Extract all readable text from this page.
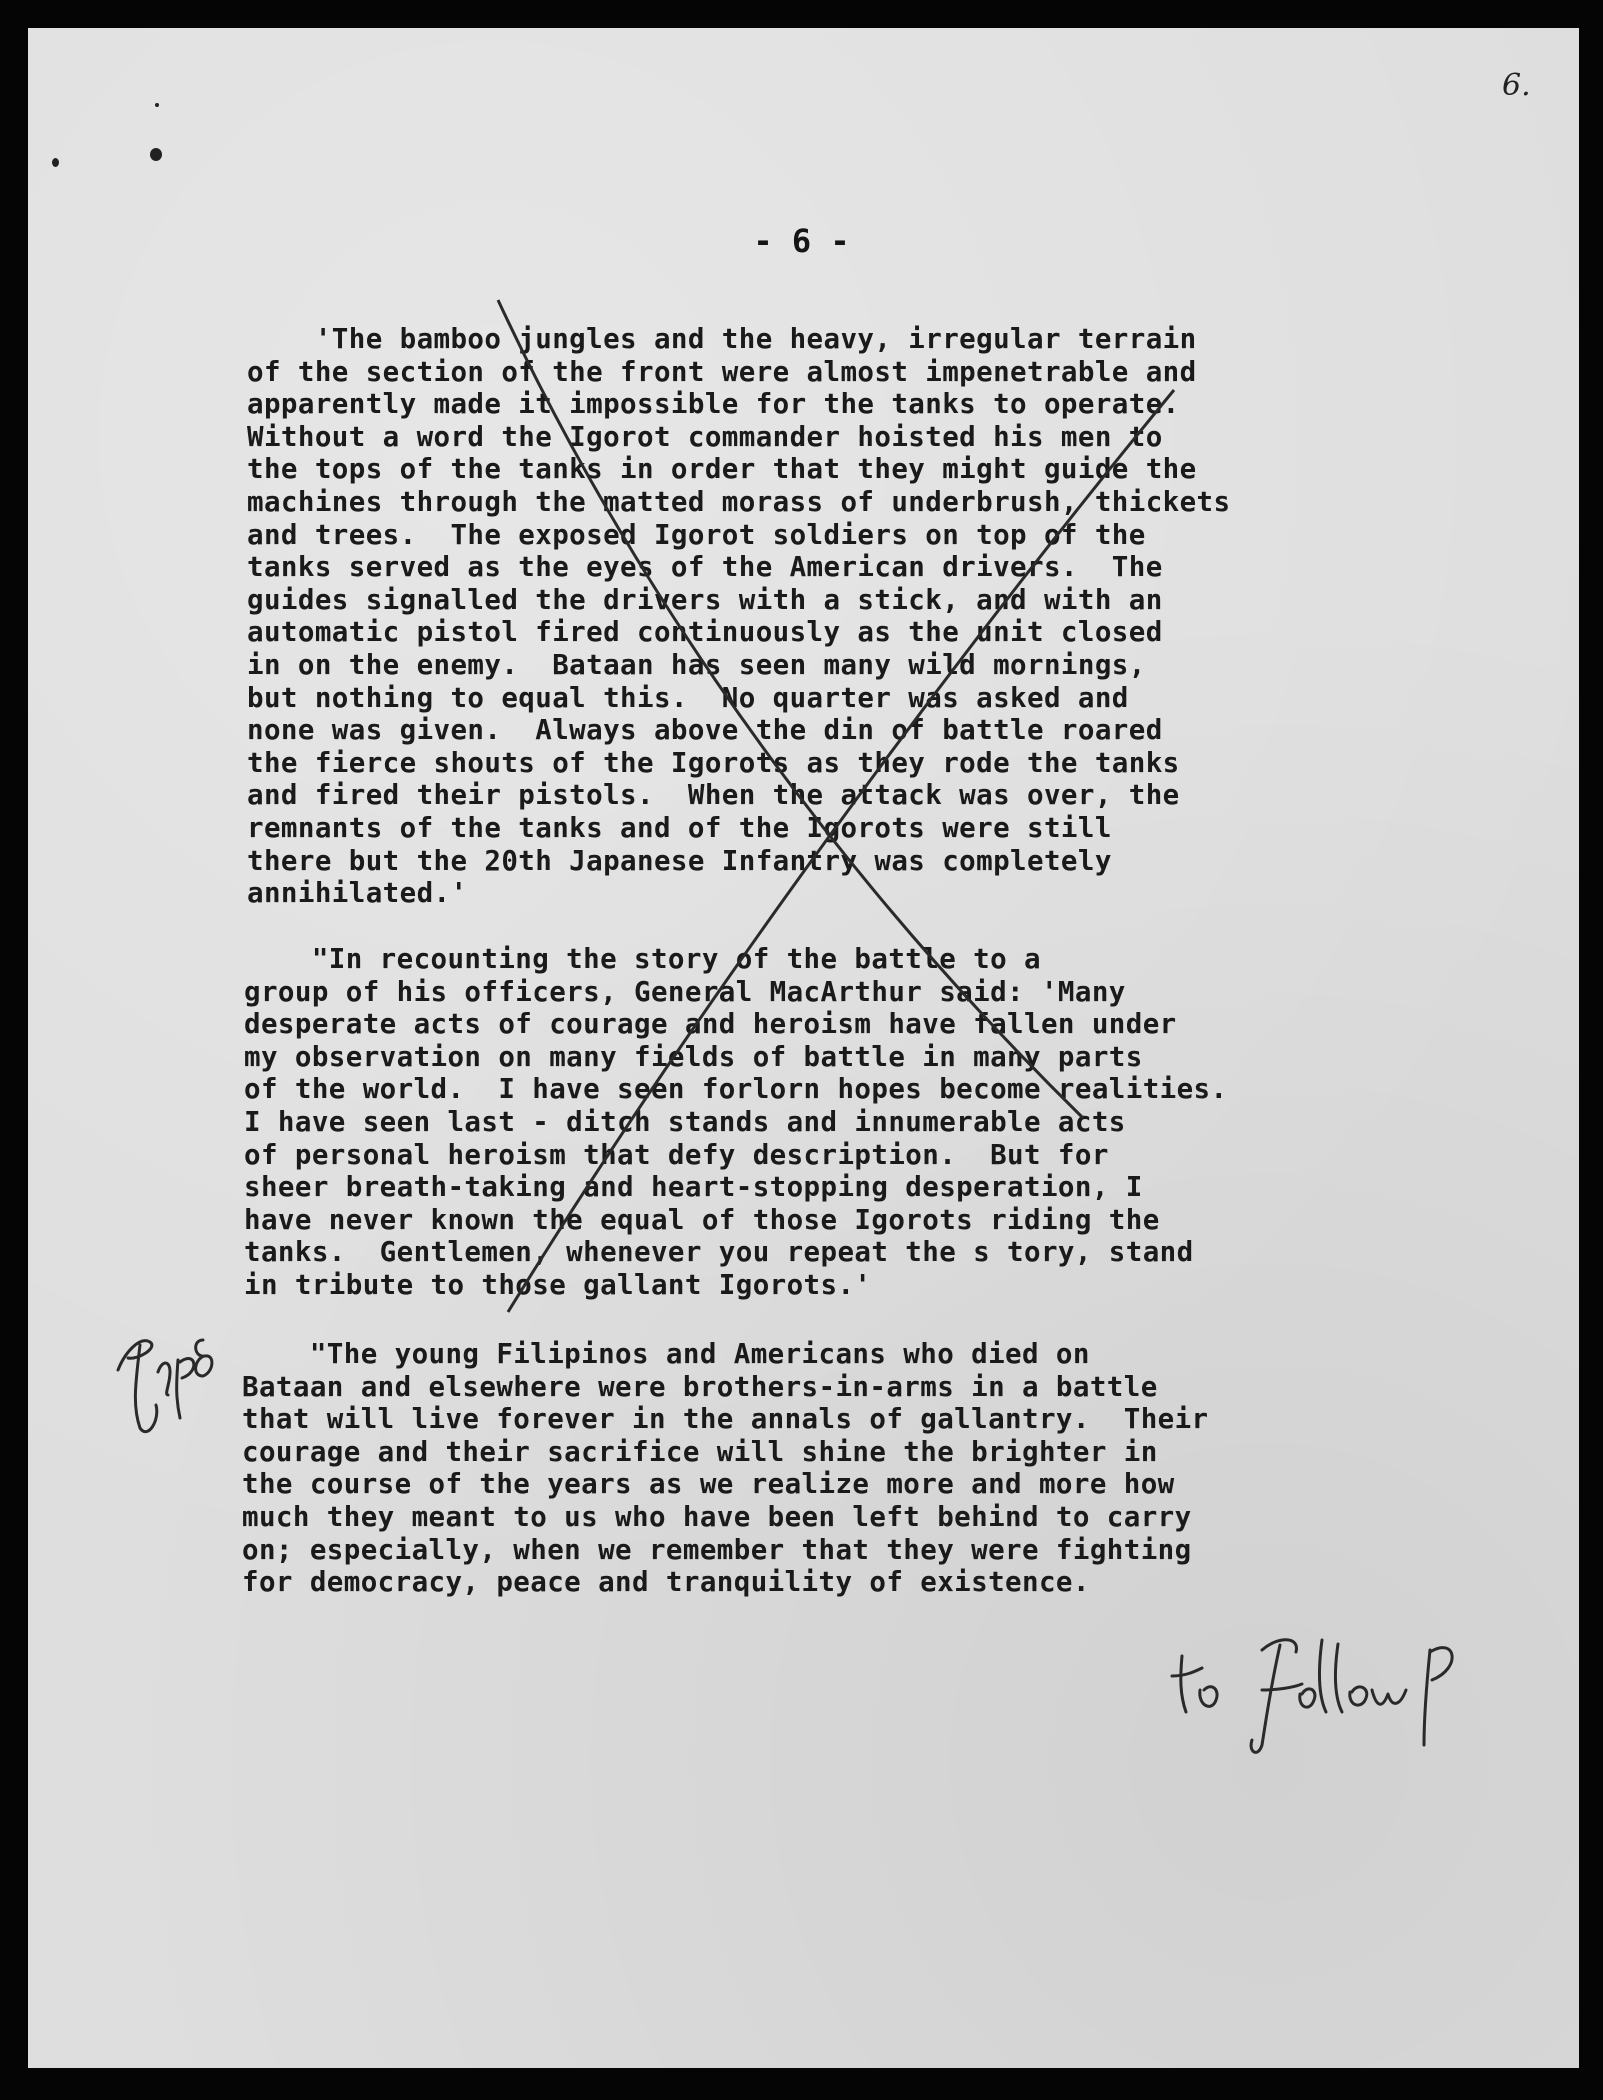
6.
- 6 -
'The bamboo jungles and the heavy, irregular terrain
of the section of the front were almost impenetrable and
apparently made it impossible for the tanks to operate.
Without a word the Igorot commander hoisted his men to
the tops of the tanks in order that they might guide the
machines through the matted morass of underbrush, thickets
and trees.  The exposed Igorot soldiers on top of the
tanks served as the eyes of the American drivers.  The
guides signalled the drivers with a stick, and with an
automatic pistol fired continuously as the unit closed
in on the enemy.  Bataan has seen many wild mornings,
but nothing to equal this.  No quarter was asked and
none was given.  Always above the din of battle roared
the fierce shouts of the Igorots as they rode the tanks
and fired their pistols.  When the attack was over, the
remnants of the tanks and of the Igorots were still
there but the 20th Japanese Infantry was completely
annihilated.'
"In recounting the story of the battle to a
group of his officers, General MacArthur said: 'Many
desperate acts of courage and heroism have fallen under
my observation on many fields of battle in many parts
of the world.  I have seen forlorn hopes become realities.
I have seen last - ditch stands and innumerable acts
of personal heroism that defy description.  But for
sheer breath-taking and heart-stopping desperation, I
have never known the equal of those Igorots riding the
tanks.  Gentlemen, whenever you repeat the s tory, stand
in tribute to those gallant Igorots.'
"The young Filipinos and Americans who died on
Bataan and elsewhere were brothers-in-arms in a battle
that will live forever in the annals of gallantry.  Their
courage and their sacrifice will shine the brighter in
the course of the years as we realize more and more how
much they meant to us who have been left behind to carry
on; especially, when we remember that they were fighting
for democracy, peace and tranquility of existence.
